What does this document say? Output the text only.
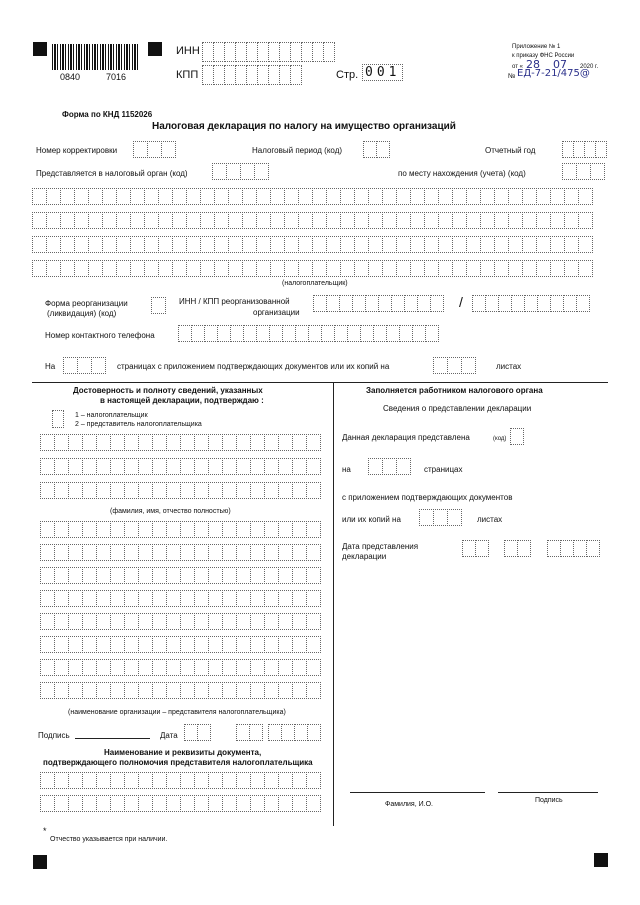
0840	7016
ИНН
КПП	Стр. 001
Приложение № 1
к приказу ФНС России
от « 28 07 2020 г.
№ ЕД-7-21/475@
Форма по КНД 1152026
Налоговая декларация по налогу на имущество организаций
Номер корректировки	Налоговый период (код)	Отчетный год
Представляется в налоговый орган (код)	по месту нахождения (учета) (код)
(налогоплательщик)
Форма реорганизации
(ликвидация) (код)
ИНН / КПП реорганизованной
организации
/
Номер контактного телефона
На	страницах с приложением подтверждающих документов или их копий на	листах
Достоверность и полноту сведений, указанных
в настоящей декларации, подтверждаю :
1 – налогоплательщик
2 – представитель налогоплательщика
(фамилия, имя, отчество полностью)
(наименование организации – представителя налогоплательщика)
Подпись	Дата
Наименование и реквизиты документа,
подтверждающего полномочия представителя налогоплательщика
*
Отчество указывается при наличии.
Заполняется работником налогового органа
Сведения о представлении декларации
Данная декларация представлена	(код)
на	страницах
с приложением подтверждающих документов
или их копий на	листах
Дата представления
декларации
Фамилия, И.О.
Подпись
